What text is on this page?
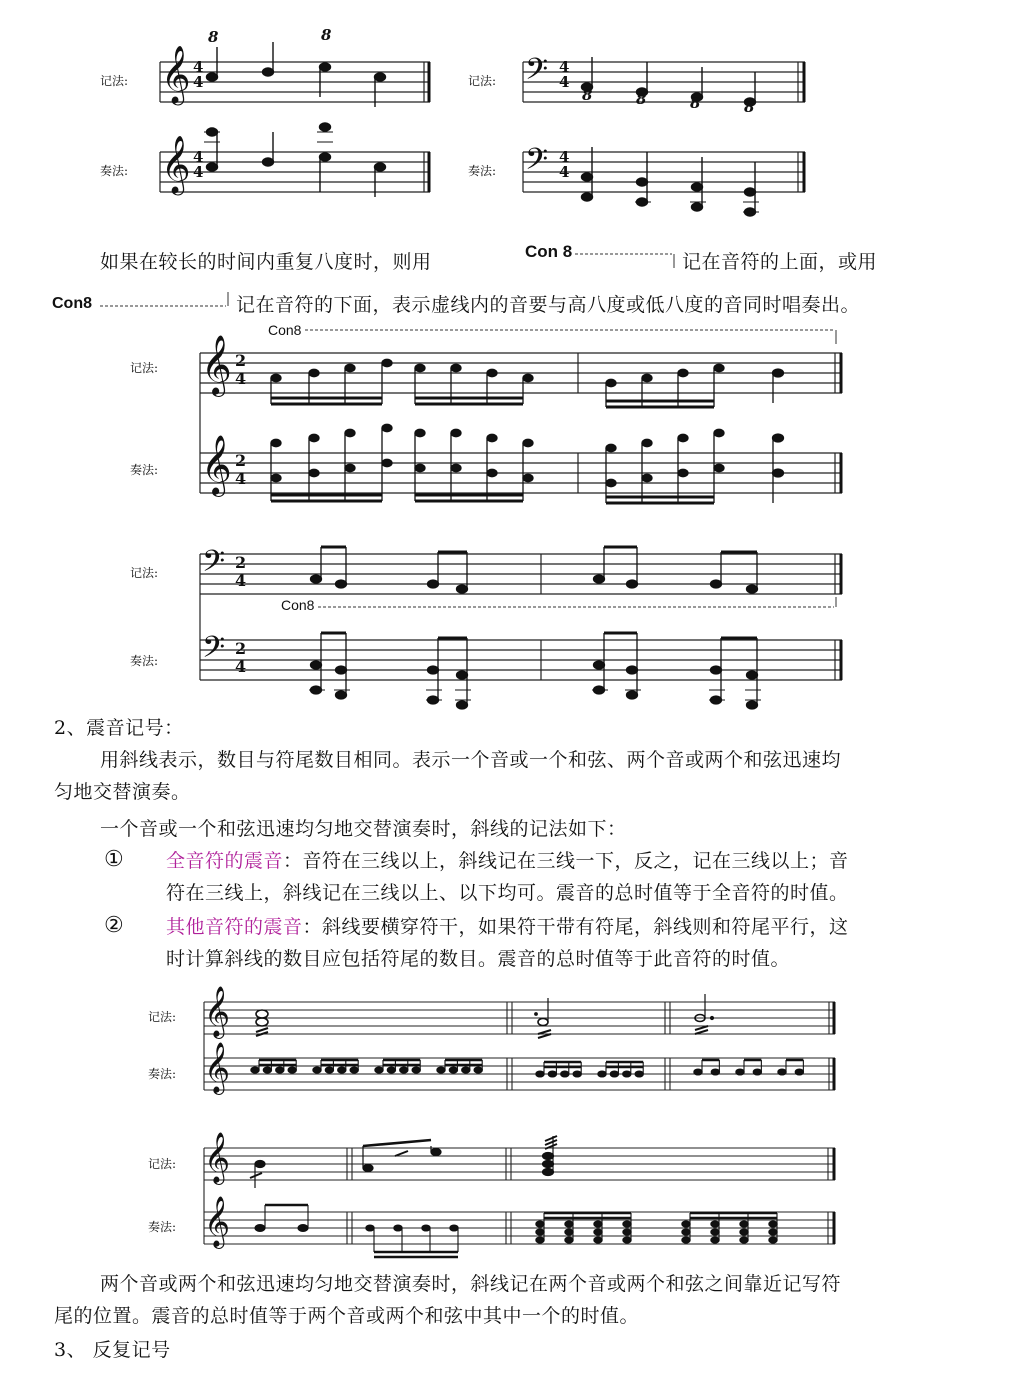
记法:
奏法:
𝄞
𝄞
4
4
4
4
8	8
记法:
奏法:
𝄢
𝄢
4
4
4
4
8	8	8	8
如果在较长的时间内重复八度时，则用	Con 8	记在音符的上面，或用
Con8	记在音符的下面，表示虚线内的音要与高八度或低八度的音同时唱奏出。
记法:
奏法:
Con8
𝄞
𝄞
2
4
2
4
记法:
奏法:
Con8
𝄢
𝄢
2
4
2
4
2、震音记号：
用斜线表示，数目与符尾数目相同。表示一个音或一个和弦、两个音或两个和弦迅速均
匀地交替演奏。
一个音或一个和弦迅速均匀地交替演奏时，斜线的记法如下：
① 全音符的震音：音符在三线以上，斜线记在三线一下，反之，记在三线以上；音
符在三线上，斜线记在三线以上、以下均可。震音的总时值等于全音符的时值。
② 其他音符的震音：斜线要横穿符干，如果符干带有符尾，斜线则和符尾平行，这
时计算斜线的数目应包括符尾的数目。震音的总时值等于此音符的时值。
记法:
奏法:
𝄞
𝄞
记法:
奏法:
𝄞
𝄞
两个音或两个和弦迅速均匀地交替演奏时，斜线记在两个音或两个和弦之间靠近记写符
尾的位置。震音的总时值等于两个音或两个和弦中其中一个的时值。
3、 反复记号
